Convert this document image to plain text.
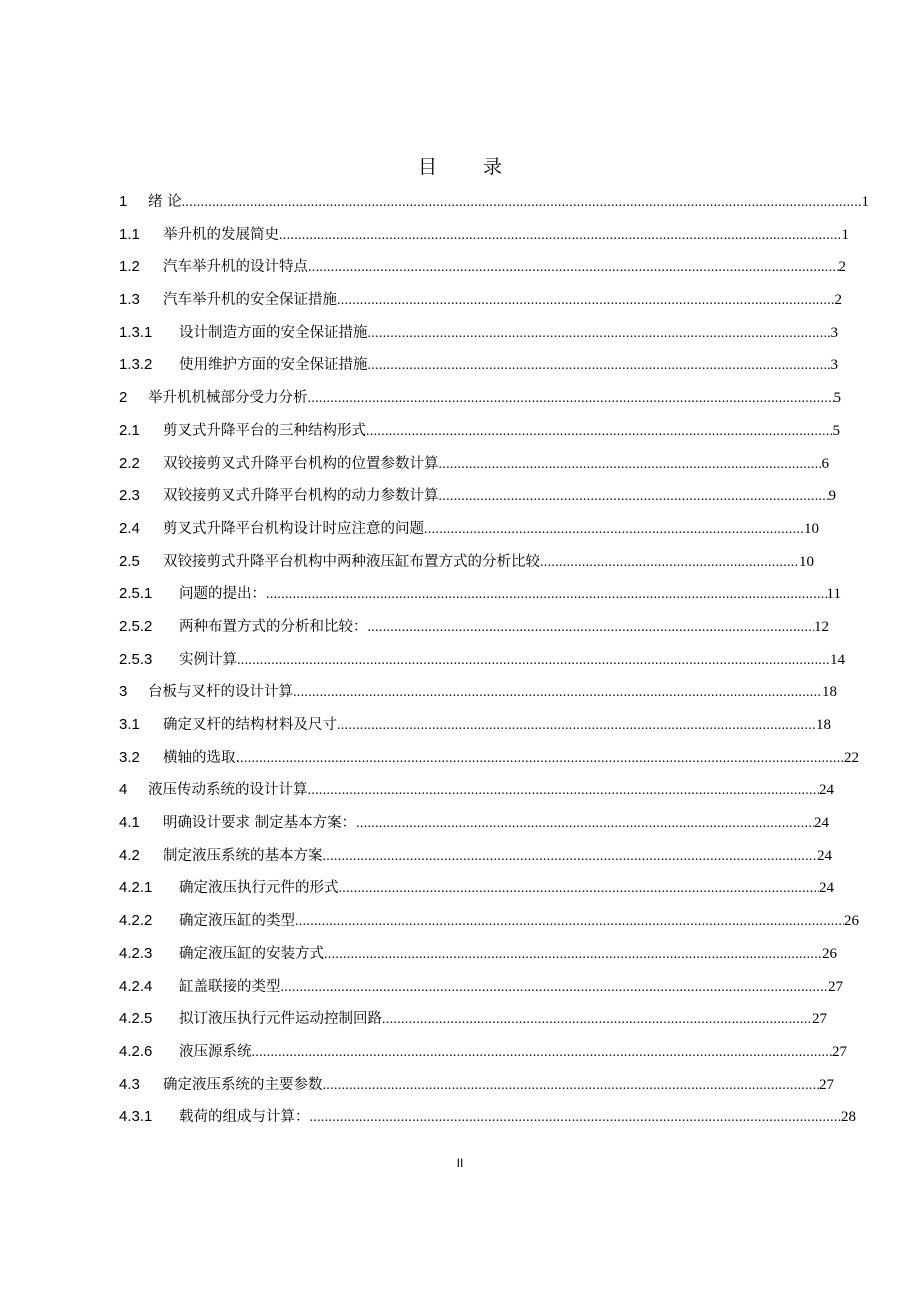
目 录
1	绪 论 .....	1
1.1	举升机的发展简史 .....	1
1.2	汽车举升机的设计特点 .....	2
1.3	汽车举升机的安全保证措施 .....	2
1.3.1	设计制造方面的安全保证措施 .....	3
1.3.2	使用维护方面的安全保证措施 .....	3
2	举升机机械部分受力分析 .....	5
2.1	剪叉式升降平台的三种结构形式 .....	5
2.2	双铰接剪叉式升降平台机构的位置参数计算 .....	6
2.3	双铰接剪叉式升降平台机构的动力参数计算 .....	9
2.4	剪叉式升降平台机构设计时应注意的问题 .....	10
2.5	双铰接剪式升降平台机构中两种液压缸布置方式的分析比较 .....	10
2.5.1	问题的提出： .....	11
2.5.2	两种布置方式的分析和比较： .....	12
2.5.3	实例计算 .....	14
3	台板与叉杆的设计计算 .....	18
3.1	确定叉杆的结构材料及尺寸 .....	18
3.2	横轴的选取. .....	22
4	液压传动系统的设计计算 .....	24
4.1	明确设计要求 制定基本方案： .....	24
4.2	制定液压系统的基本方案 .....	24
4.2.1	确定液压执行元件的形式 .....	24
4.2.2	确定液压缸的类型 .....	26
4.2.3	确定液压缸的安装方式 .....	26
4.2.4	缸盖联接的类型 .....	27
4.2.5	拟订液压执行元件运动控制回路 .....	27
4.2.6	液压源系统 .....	27
4.3	确定液压系统的主要参数 .....	27
4.3.1	载荷的组成与计算： .....	28
II
